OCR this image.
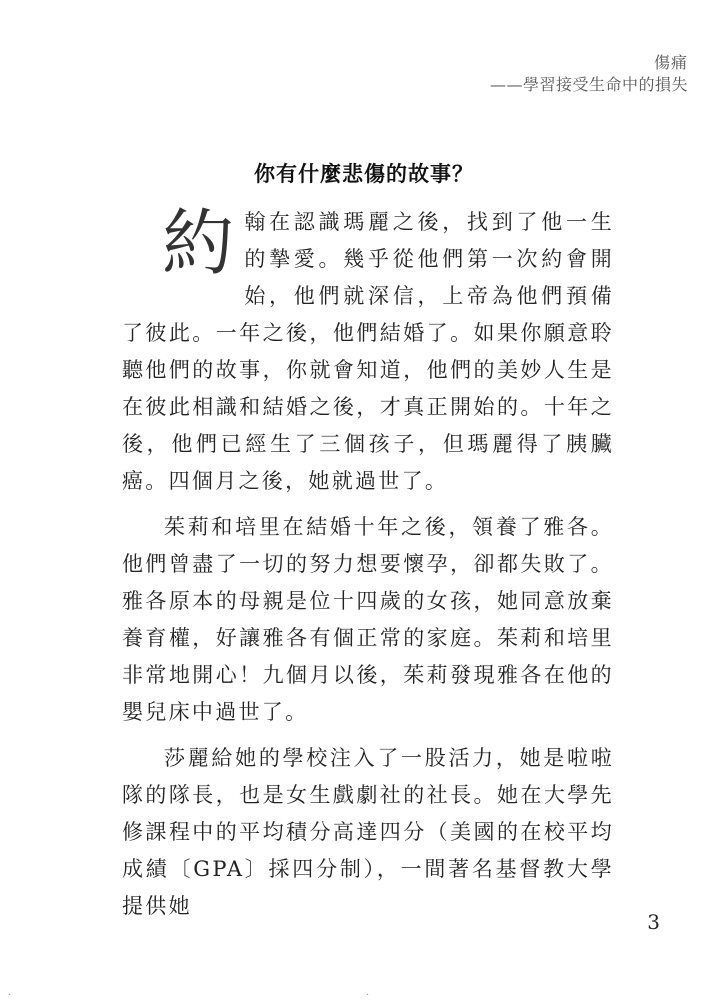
傷痛
——學習接受生命中的損失
你有什麼悲傷的故事？

約翰在認識瑪麗之後，找到了他一生的摯愛。幾乎從他們第一次約會開始，他們就深信，上帝為他們預備了彼此。一年之後，他們結婚了。如果你願意聆聽他們的故事，你就會知道，他們的美妙人生是在彼此相識和結婚之後，才真正開始的。十年之後，他們已經生了三個孩子，但瑪麗得了胰臟癌。四個月之後，她就過世了。

茱莉和培里在結婚十年之後，領養了雅各。他們曾盡了一切的努力想要懷孕，卻都失敗了。雅各原本的母親是位十四歲的女孩，她同意放棄養育權，好讓雅各有個正常的家庭。茱莉和培里非常地開心！九個月以後，茱莉發現雅各在他的嬰兒床中過世了。

莎麗給她的學校注入了一股活力，她是啦啦隊的隊長，也是女生戲劇社的社長。她在大學先修課程中的平均積分高達四分（美國的在校平均成績〔GPA〕採四分制），一間著名基督教大學提供她

3
·	·
